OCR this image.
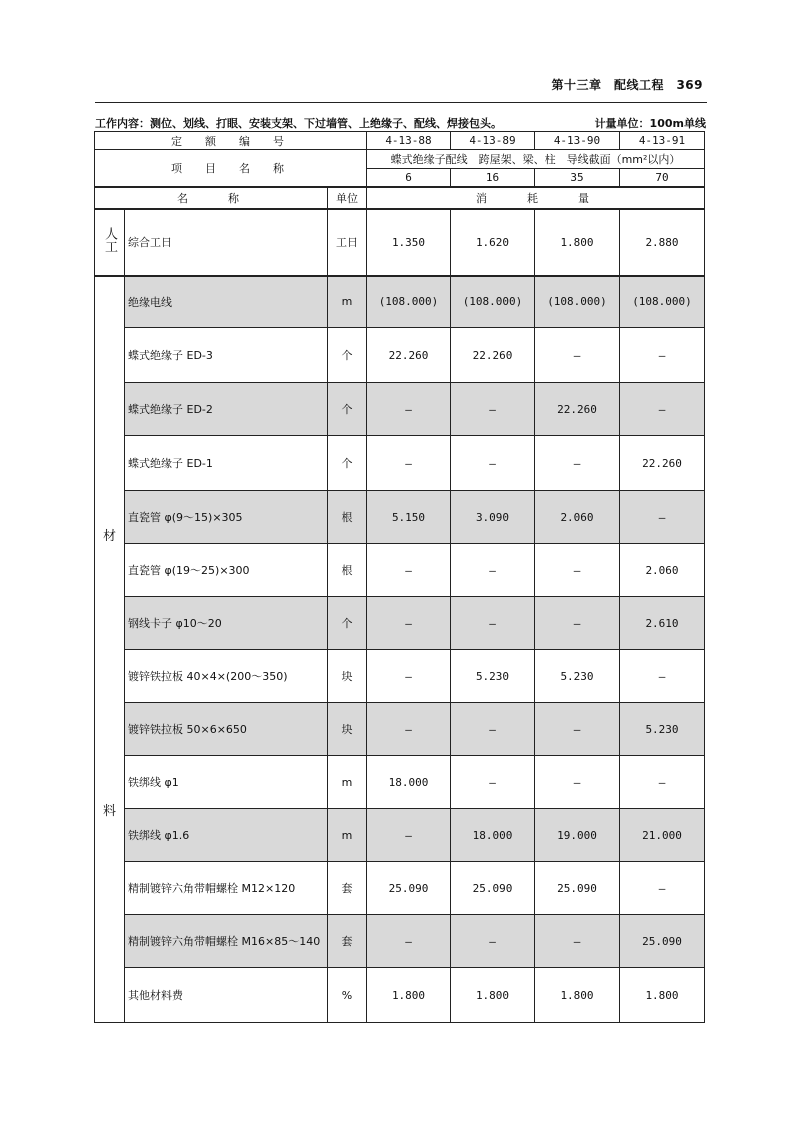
第十三章　配线工程　369
工作内容：测位、划线、打眼、安装支架、下过墙管、上绝缘子、配线、焊接包头。	计量单位：100m单线
定　额　编　号			4-13-88	4-13-89	4-13-90	4-13-91
项　目　名　称			蝶式绝缘子配线　跨屋架、梁、柱　导线截面（mm²以内）			
			6	16	35	70
名　　称		单位	消　　耗　　量			
人工	综合工日	工日	1.350	1.620	1.800	2.880

材
料	绝缘电线	m	(108.000)	(108.000)	(108.000)	(108.000)
	蝶式绝缘子 ED-3	个	22.260	22.260	—	—
	蝶式绝缘子 ED-2	个	—	—	22.260	—
	蝶式绝缘子 ED-1	个	—	—	—	22.260
	直瓷管 φ(9～15)×305	根	5.150	3.090	2.060	—
	直瓷管 φ(19～25)×300	根	—	—	—	2.060
	钢线卡子 φ10～20	个	—	—	—	2.610
	镀锌铁拉板 40×4×(200～350)	块	—	5.230	5.230	—
	镀锌铁拉板 50×6×650	块	—	—	—	5.230
	铁绑线 φ1	m	18.000	—	—	—
	铁绑线 φ1.6	m	—	18.000	19.000	21.000
	精制镀锌六角带帽螺栓 M12×120	套	25.090	25.090	25.090	—
	精制镀锌六角带帽螺栓 M16×85～140	套	—	—	—	25.090
	其他材料费	%	1.800	1.800	1.800	1.800
